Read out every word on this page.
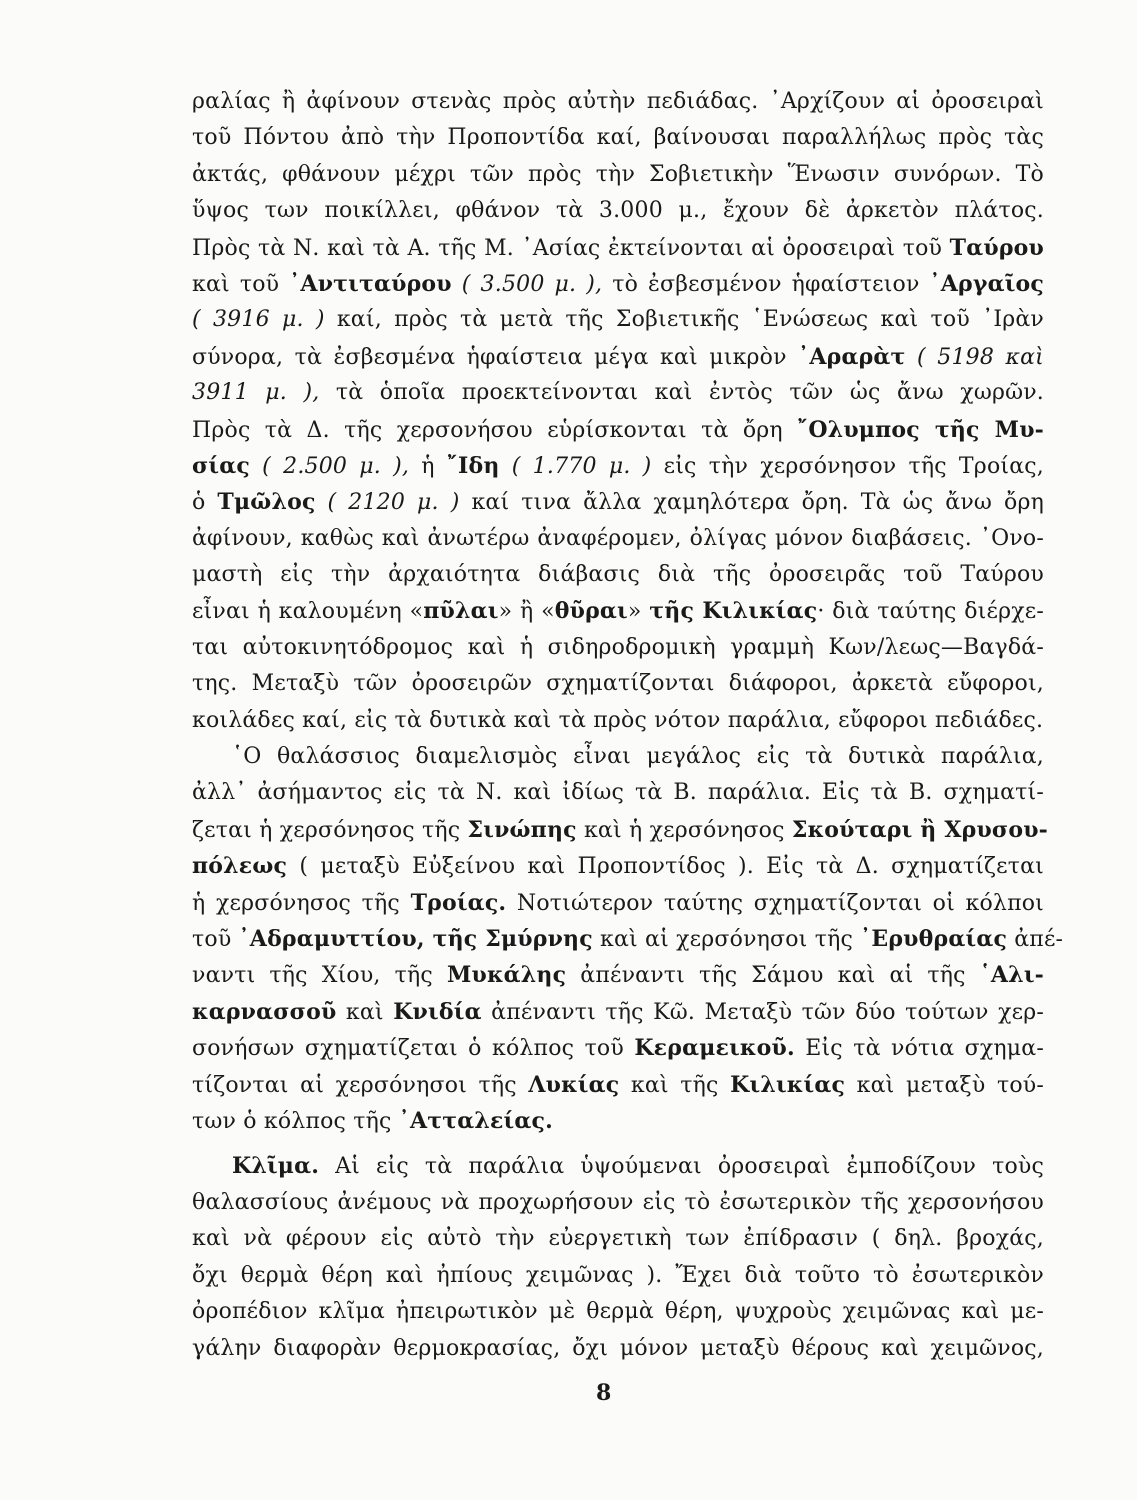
ραλίας ἢ ἀφίνουν στενὰς πρὸς αὐτὴν πεδιάδας. ᾿Αρχίζουν αἱ ὀροσειραὶ
τοῦ Πόντου ἀπὸ τὴν Προποντίδα καί, βαίνουσαι παραλλήλως πρὸς τὰς
ἀκτάς, φθάνουν μέχρι τῶν πρὸς τὴν Σοβιετικὴν Ἕνωσιν συνόρων. Τὸ
ὕψος των ποικίλλει, φθάνον τὰ 3.000 μ., ἔχουν δὲ ἀρκετὸν πλάτος.
Πρὸς τὰ Ν. καὶ τὰ Α. τῆς Μ. ᾿Ασίας ἐκτείνονται αἱ ὀροσειραὶ τοῦ Ταύρου
καὶ τοῦ ᾿Αντιταύρου ( 3.500 μ. ), τὸ ἐσβεσμένον ἡφαίστειον ᾿Αργαῖος
( 3916 μ. ) καί, πρὸς τὰ μετὰ τῆς Σοβιετικῆς ῾Ενώσεως καὶ τοῦ ᾿Ιρὰν
σύνορα, τὰ ἐσβεσμένα ἡφαίστεια μέγα καὶ μικρὸν ᾿Αραρὰτ ( 5198 καὶ
3911 μ. ), τὰ ὁποῖα προεκτείνονται καὶ ἐντὸς τῶν ὡς ἄνω χωρῶν.
Πρὸς τὰ Δ. τῆς χερσονήσου εὑρίσκονται τὰ ὄρη ῎Ολυμπος τῆς Μυ-
σίας ( 2.500 μ. ), ἡ ῎Ιδη ( 1.770 μ. ) εἰς τὴν χερσόνησον τῆς Τροίας,
ὁ Τμῶλος ( 2120 μ. ) καί τινα ἄλλα χαμηλότερα ὄρη. Τὰ ὡς ἄνω ὄρη
ἀφίνουν, καθὼς καὶ ἀνωτέρω ἀναφέρομεν, ὀλίγας μόνον διαβάσεις. ᾿Ονο-
μαστὴ εἰς τὴν ἀρχαιότητα διάβασις διὰ τῆς ὀροσειρᾶς τοῦ Ταύρου
εἶναι ἡ καλουμένη «πῦλαι» ἢ «θῦραι» τῆς Κιλικίας· διὰ ταύτης διέρχε-
ται αὐτοκινητόδρομος καὶ ἡ σιδηροδρομικὴ γραμμὴ Κων/λεως—Βαγδά-
της. Μεταξὺ τῶν ὀροσειρῶν σχηματίζονται διάφοροι, ἀρκετὰ εὔφοροι,
κοιλάδες καί, εἰς τὰ δυτικὰ καὶ τὰ πρὸς νότον παράλια, εὔφοροι πεδιάδες.
῾Ο θαλάσσιος διαμελισμὸς εἶναι μεγάλος εἰς τὰ δυτικὰ παράλια,
ἀλλ᾿ ἀσήμαντος εἰς τὰ Ν. καὶ ἰδίως τὰ Β. παράλια. Εἰς τὰ Β. σχηματί-
ζεται ἡ χερσόνησος τῆς Σινώπης καὶ ἡ χερσόνησος Σκούταρι ἢ Χρυσου-
πόλεως ( μεταξὺ Εὐξείνου καὶ Προποντίδος ). Εἰς τὰ Δ. σχηματίζεται
ἡ χερσόνησος τῆς Τροίας. Νοτιώτερον ταύτης σχηματίζονται οἱ κόλποι
τοῦ ᾿Αδραμυττίου, τῆς Σμύρνης καὶ αἱ χερσόνησοι τῆς ᾿Ερυθραίας ἀπέ-
ναντι τῆς Χίου, τῆς Μυκάλης ἀπέναντι τῆς Σάμου καὶ αἱ τῆς ῾Αλι-
καρνασσοῦ καὶ Κνιδία ἀπέναντι τῆς Κῶ. Μεταξὺ τῶν δύο τούτων χερ-
σονήσων σχηματίζεται ὁ κόλπος τοῦ Κεραμεικοῦ. Εἰς τὰ νότια σχημα-
τίζονται αἱ χερσόνησοι τῆς Λυκίας καὶ τῆς Κιλικίας καὶ μεταξὺ τού-
των ὁ κόλπος τῆς ᾿Ατταλείας.
Κλῖμα. Αἱ εἰς τὰ παράλια ὑψούμεναι ὀροσειραὶ ἐμποδίζουν τοὺς
θαλασσίους ἀνέμους νὰ προχωρήσουν εἰς τὸ ἐσωτερικὸν τῆς χερσονήσου
καὶ νὰ φέρουν εἰς αὐτὸ τὴν εὐεργετικὴ των ἐπίδρασιν ( δηλ. βροχάς,
ὄχι θερμὰ θέρη καὶ ἠπίους χειμῶνας ). Ἔχει διὰ τοῦτο τὸ ἐσωτερικὸν
ὀροπέδιον κλῖμα ἠπειρωτικὸν μὲ θερμὰ θέρη, ψυχροὺς χειμῶνας καὶ με-
γάλην διαφορὰν θερμοκρασίας, ὄχι μόνον μεταξὺ θέρους καὶ χειμῶνος,
8
